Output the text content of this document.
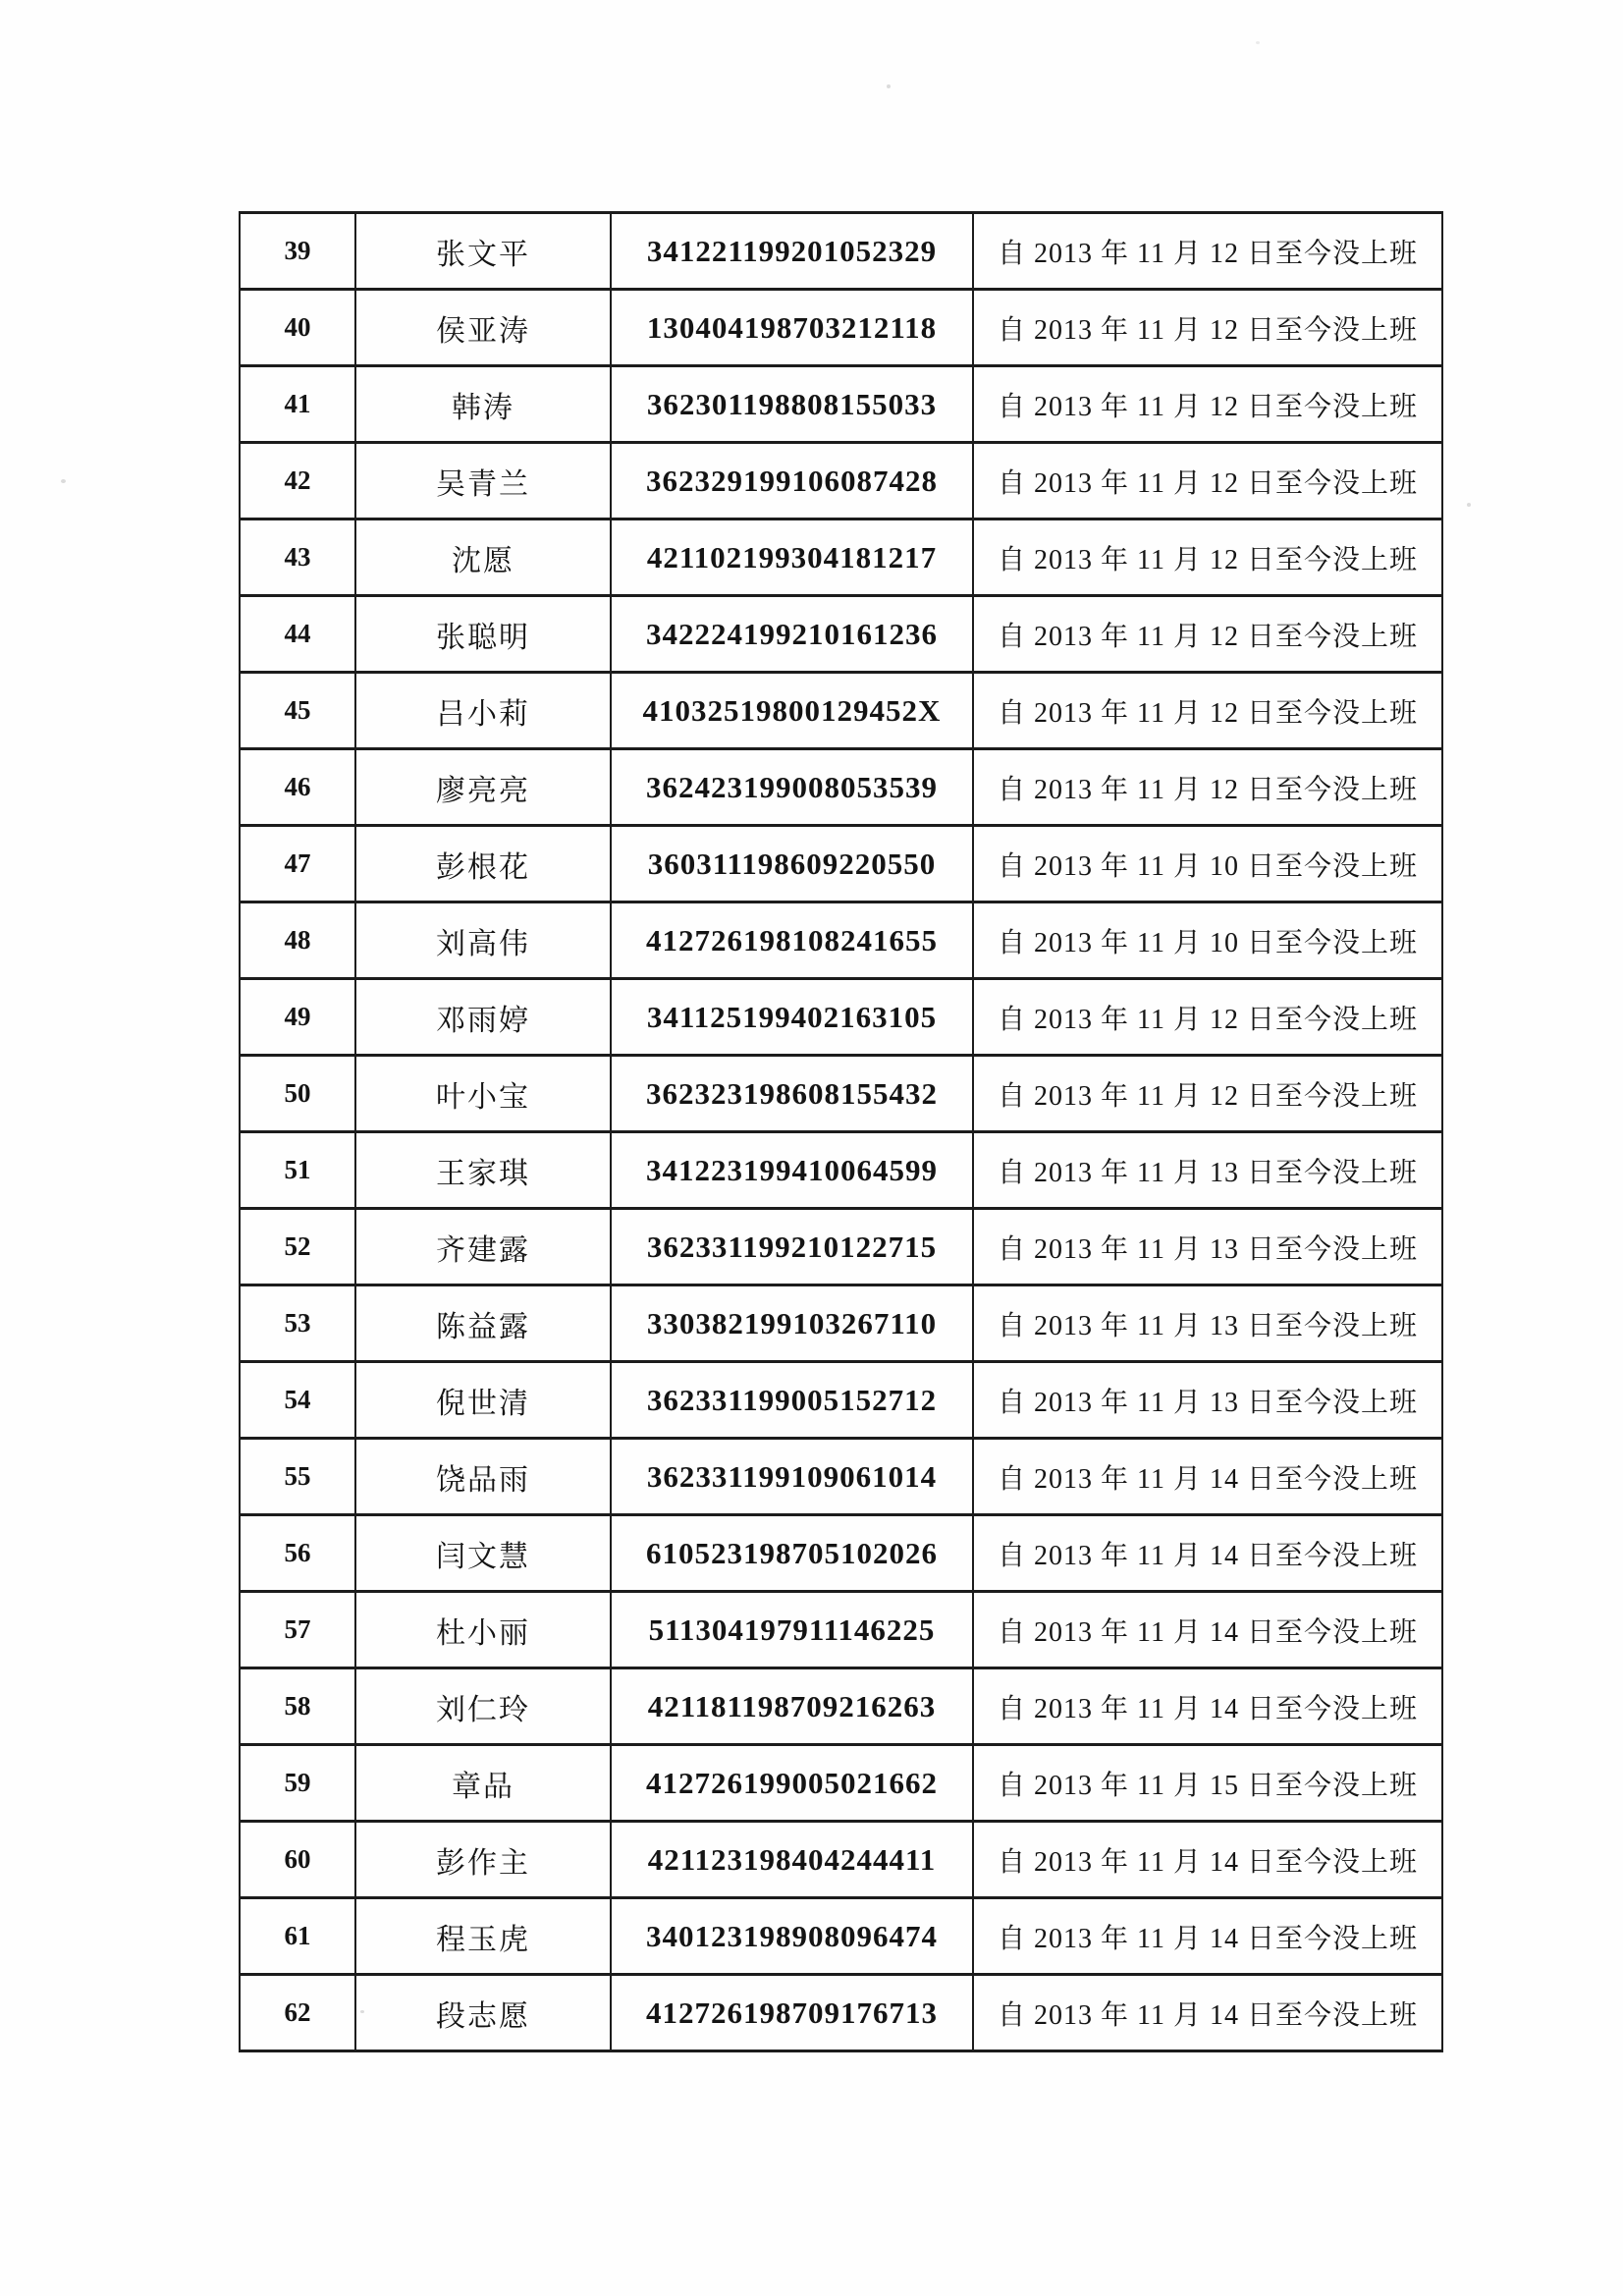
39	张文平	341221199201052329	自 2013 年 11 月 12 日至今没上班
40	侯亚涛	130404198703212118	自 2013 年 11 月 12 日至今没上班
41	韩涛	362301198808155033	自 2013 年 11 月 12 日至今没上班
42	吴青兰	362329199106087428	自 2013 年 11 月 12 日至今没上班
43	沈愿	421102199304181217	自 2013 年 11 月 12 日至今没上班
44	张聪明	342224199210161236	自 2013 年 11 月 12 日至今没上班
45	吕小莉	41032519800129452X	自 2013 年 11 月 12 日至今没上班
46	廖亮亮	362423199008053539	自 2013 年 11 月 12 日至今没上班
47	彭根花	360311198609220550	自 2013 年 11 月 10 日至今没上班
48	刘高伟	412726198108241655	自 2013 年 11 月 10 日至今没上班
49	邓雨婷	341125199402163105	自 2013 年 11 月 12 日至今没上班
50	叶小宝	362323198608155432	自 2013 年 11 月 12 日至今没上班
51	王家琪	341223199410064599	自 2013 年 11 月 13 日至今没上班
52	齐建露	362331199210122715	自 2013 年 11 月 13 日至今没上班
53	陈益露	330382199103267110	自 2013 年 11 月 13 日至今没上班
54	倪世清	362331199005152712	自 2013 年 11 月 13 日至今没上班
55	饶品雨	362331199109061014	自 2013 年 11 月 14 日至今没上班
56	闫文慧	610523198705102026	自 2013 年 11 月 14 日至今没上班
57	杜小丽	511304197911146225	自 2013 年 11 月 14 日至今没上班
58	刘仁玲	421181198709216263	自 2013 年 11 月 14 日至今没上班
59	章品	412726199005021662	自 2013 年 11 月 15 日至今没上班
60	彭作主	421123198404244411	自 2013 年 11 月 14 日至今没上班
61	程玉虎	340123198908096474	自 2013 年 11 月 14 日至今没上班
62	段志愿	412726198709176713	自 2013 年 11 月 14 日至今没上班
